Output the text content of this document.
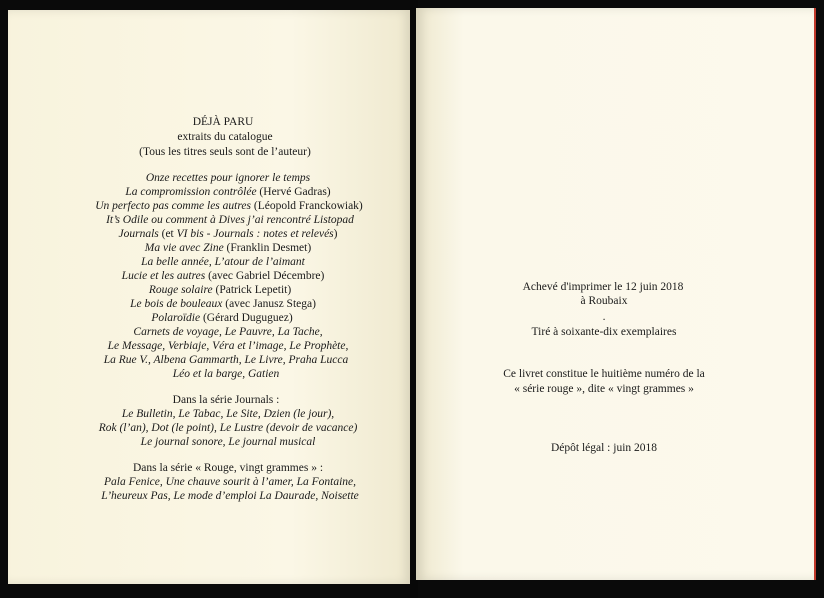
DÉJÀ PARU
extraits du catalogue
(Tous les titres seuls sont de l’auteur)
Onze recettes pour ignorer le temps
La compromission contrôlée (Hervé Gadras)
Un perfecto pas comme les autres (Léopold Franckowiak)
It’s Odile ou comment à Dives j’ai rencontré Listopad
Journals (et VI bis - Journals : notes et relevés)
Ma vie avec Zine (Franklin Desmet)
La belle année, L’atour de l’aimant
Lucie et les autres (avec Gabriel Décembre)
Rouge solaire (Patrick Lepetit)
Le bois de bouleaux (avec Janusz Stega)
Polaroïdie (Gérard Duguguez)
Carnets de voyage, Le Pauvre, La Tache,
Le Message, Verbiaje, Véra et l’image, Le Prophète,
La Rue V., Albena Gammarth, Le Livre, Praha Lucca
Léo et la barge, Gatien
Dans la série Journals :
Le Bulletin, Le Tabac, Le Site, Dzien (le jour),
Rok (l’an), Dot (le point), Le Lustre (devoir de vacance)
Le journal sonore, Le journal musical
Dans la série « Rouge, vingt grammes » :
Pala Fenice, Une chauve sourit à l’amer, La Fontaine,
L’heureux Pas, Le mode d’emploi La Daurade, Noisette
Achevé d'imprimer le 12 juin 2018
à Roubaix
.
Tiré à soixante-dix exemplaires
Ce livret constitue le huitième numéro de la
« série rouge », dite « vingt grammes »
Dépôt légal : juin 2018
